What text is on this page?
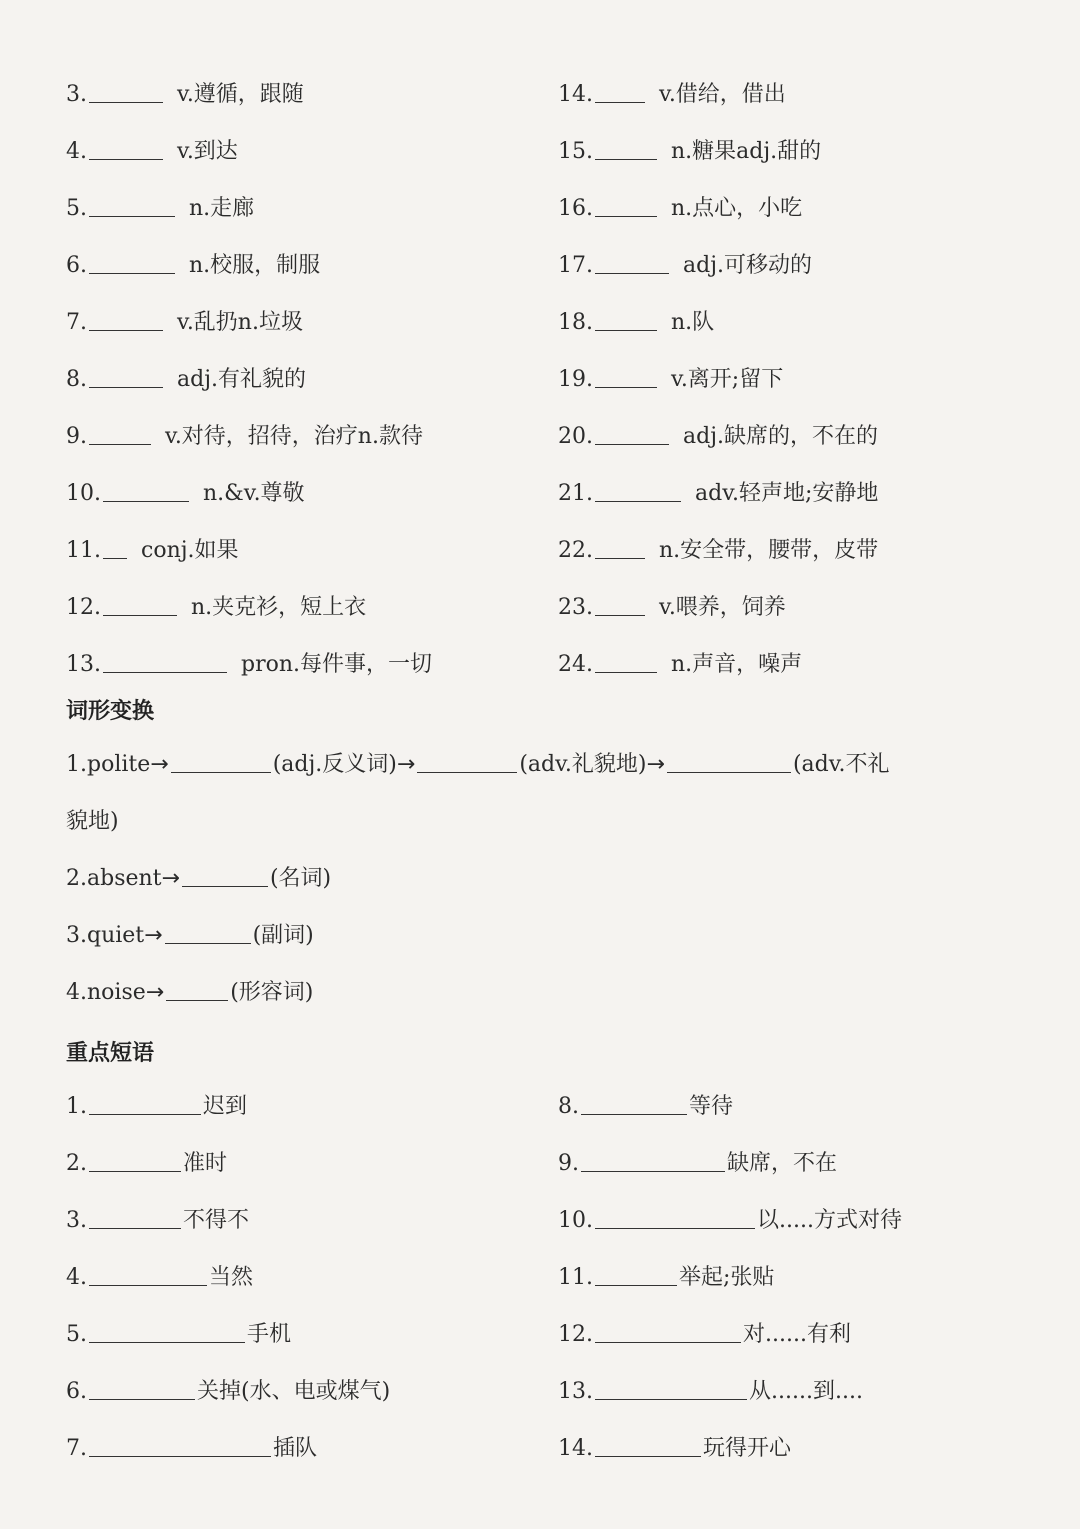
3.	v.遵循，跟随
4.	v.到达
5.	n.走廊
6.	n.校服，制服
7.	v.乱扔n.垃圾
8.	adj.有礼貌的
9.	v.对待，招待，治疗n.款待
10.	n.&v.尊敬
11. conj.如果
12.	n.夹克衫，短上衣
13.	pron.每件事，一切
14.	v.借给，借出
15.	n.糖果adj.甜的
16.	n.点心，小吃
17.	adj.可移动的
18.	n.队
19.	v.离开;留下
20.	adj.缺席的，不在的
21.	adv.轻声地;安静地
22.	n.安全带，腰带，皮带
23.	v.喂养，饲养
24.	n.声音，噪声
词形变换
1.polite→	(adj.反义词)→	(adv.礼貌地)→	(adv.不礼
貌地)
2.absent→	(名词)
3.quiet→	(副词)
4.noise→	(形容词)
重点短语
1.	迟到
2.	准时
3.	不得不
4.	当然
5.	手机
6.	关掉(水、电或煤气)
7.	插队
8.	等待
9.	缺席，不在
10.	以.....方式对待
11.	举起;张贴
12.	对......有利
13.	从......到....
14.	玩得开心
